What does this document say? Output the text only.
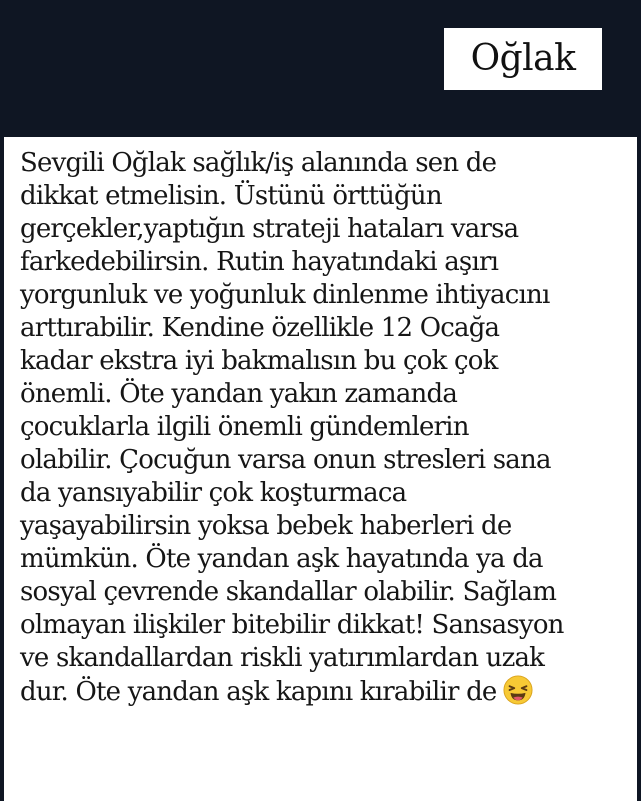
Oğlak

Sevgili Oğlak sağlık/iş alanında sen de
dikkat etmelisin. Üstünü örttüğün
gerçekler,yaptığın strateji hataları varsa
farkedebilirsin. Rutin hayatındaki aşırı
yorgunluk ve yoğunluk dinlenme ihtiyacını
arttırabilir. Kendine özellikle 12 Ocağa
kadar ekstra iyi bakmalısın bu çok çok
önemli. Öte yandan yakın zamanda
çocuklarla ilgili önemli gündemlerin
olabilir. Çocuğun varsa onun stresleri sana
da yansıyabilir çok koşturmaca
yaşayabilirsin yoksa bebek haberleri de
mümkün. Öte yandan aşk hayatında ya da
sosyal çevrende skandallar olabilir. Sağlam
olmayan ilişkiler bitebilir dikkat! Sansasyon
ve skandallardan riskli yatırımlardan uzak
dur. Öte yandan aşk kapını kırabilir de
